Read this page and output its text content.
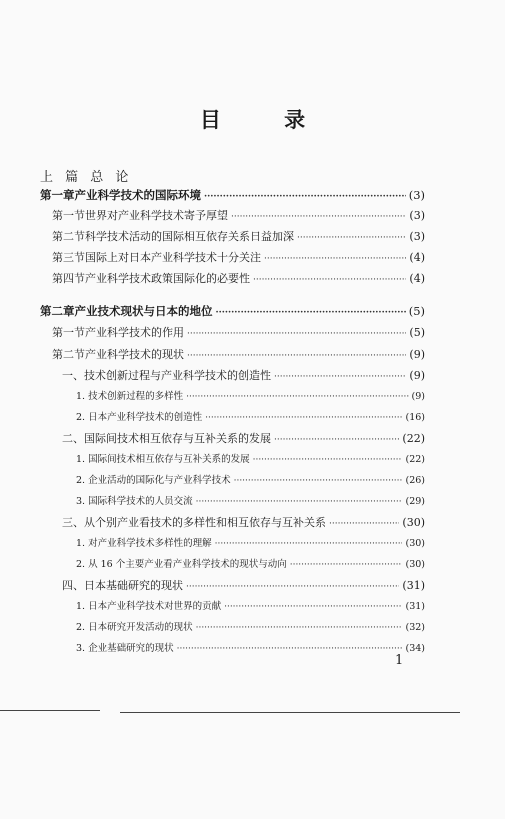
目 录
上 篇 总 论
第一章 产业科学技术的国际环境 ·····	(3)
第一节 世界对产业科学技术寄予厚望 ·····	(3)
第二节 科学技术活动的国际相互依存关系日益加深 ·····	(3)
第三节 国际上对日本产业科学技术十分关注 ·····	(4)
第四节 产业科学技术政策国际化的必要性 ·····	(4)
第二章 产业技术现状与日本的地位 ·····	(5)
第一节 产业科学技术的作用 ·····	(5)
第二节 产业科学技术的现状 ·····	(9)
一、技术创新过程与产业科学技术的创造性 ·····	(9)
1. 技术创新过程的多样性 ·····	(9)
2. 日本产业科学技术的创造性 ·····	(16)
二、国际间技术相互依存与互补关系的发展 ·····	(22)
1. 国际间技术相互依存与互补关系的发展 ·····	(22)
2. 企业活动的国际化与产业科学技术 ·····	(26)
3. 国际科学技术的人员交流 ·····	(29)
三、从个别产业看技术的多样性和相互依存与互补关系 ·····	(30)
1. 对产业科学技术多样性的理解 ·····	(30)
2. 从 16 个主要产业看产业科学技术的现状与动向 ·····	(30)
四、日本基础研究的现状 ·····	(31)
1. 日本产业科学技术对世界的贡献 ·····	(31)
2. 日本研究开发活动的现状 ·····	(32)
3. 企业基础研究的现状 ·····	(34)
1
